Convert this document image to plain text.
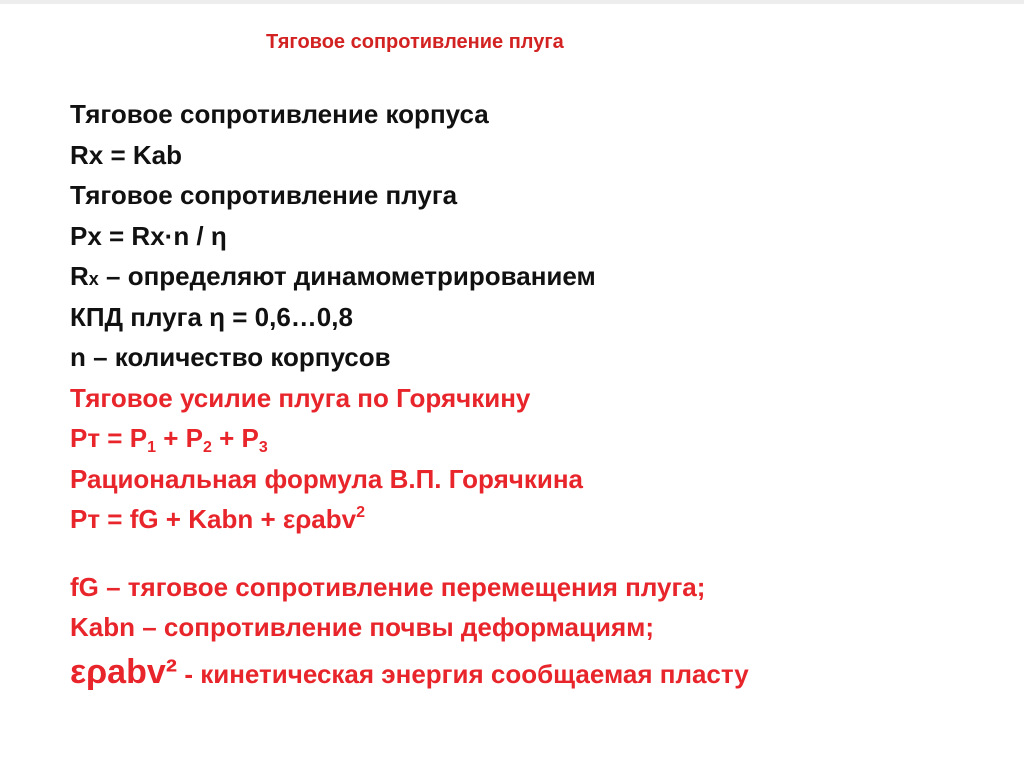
Тяговое сопротивление плуга
Тяговое сопротивление корпуса
Rх = Kab
Тяговое сопротивление плуга
Pх = Rх·n / η
Rх – определяют динамометрированием
КПД плуга η = 0,6…0,8
n – количество корпусов
Тяговое усилие плуга по Горячкину
Pт = $P_1 + P_2 + P_3$
Рациональная формула В.П. Горячкина
Pт = fG + Kabn + ερabv$^2$
fG – тяговое сопротивление перемещения плуга;
Kabn – сопротивление почвы деформациям;
ερabv² - кинетическая энергия сообщаемая пласту
